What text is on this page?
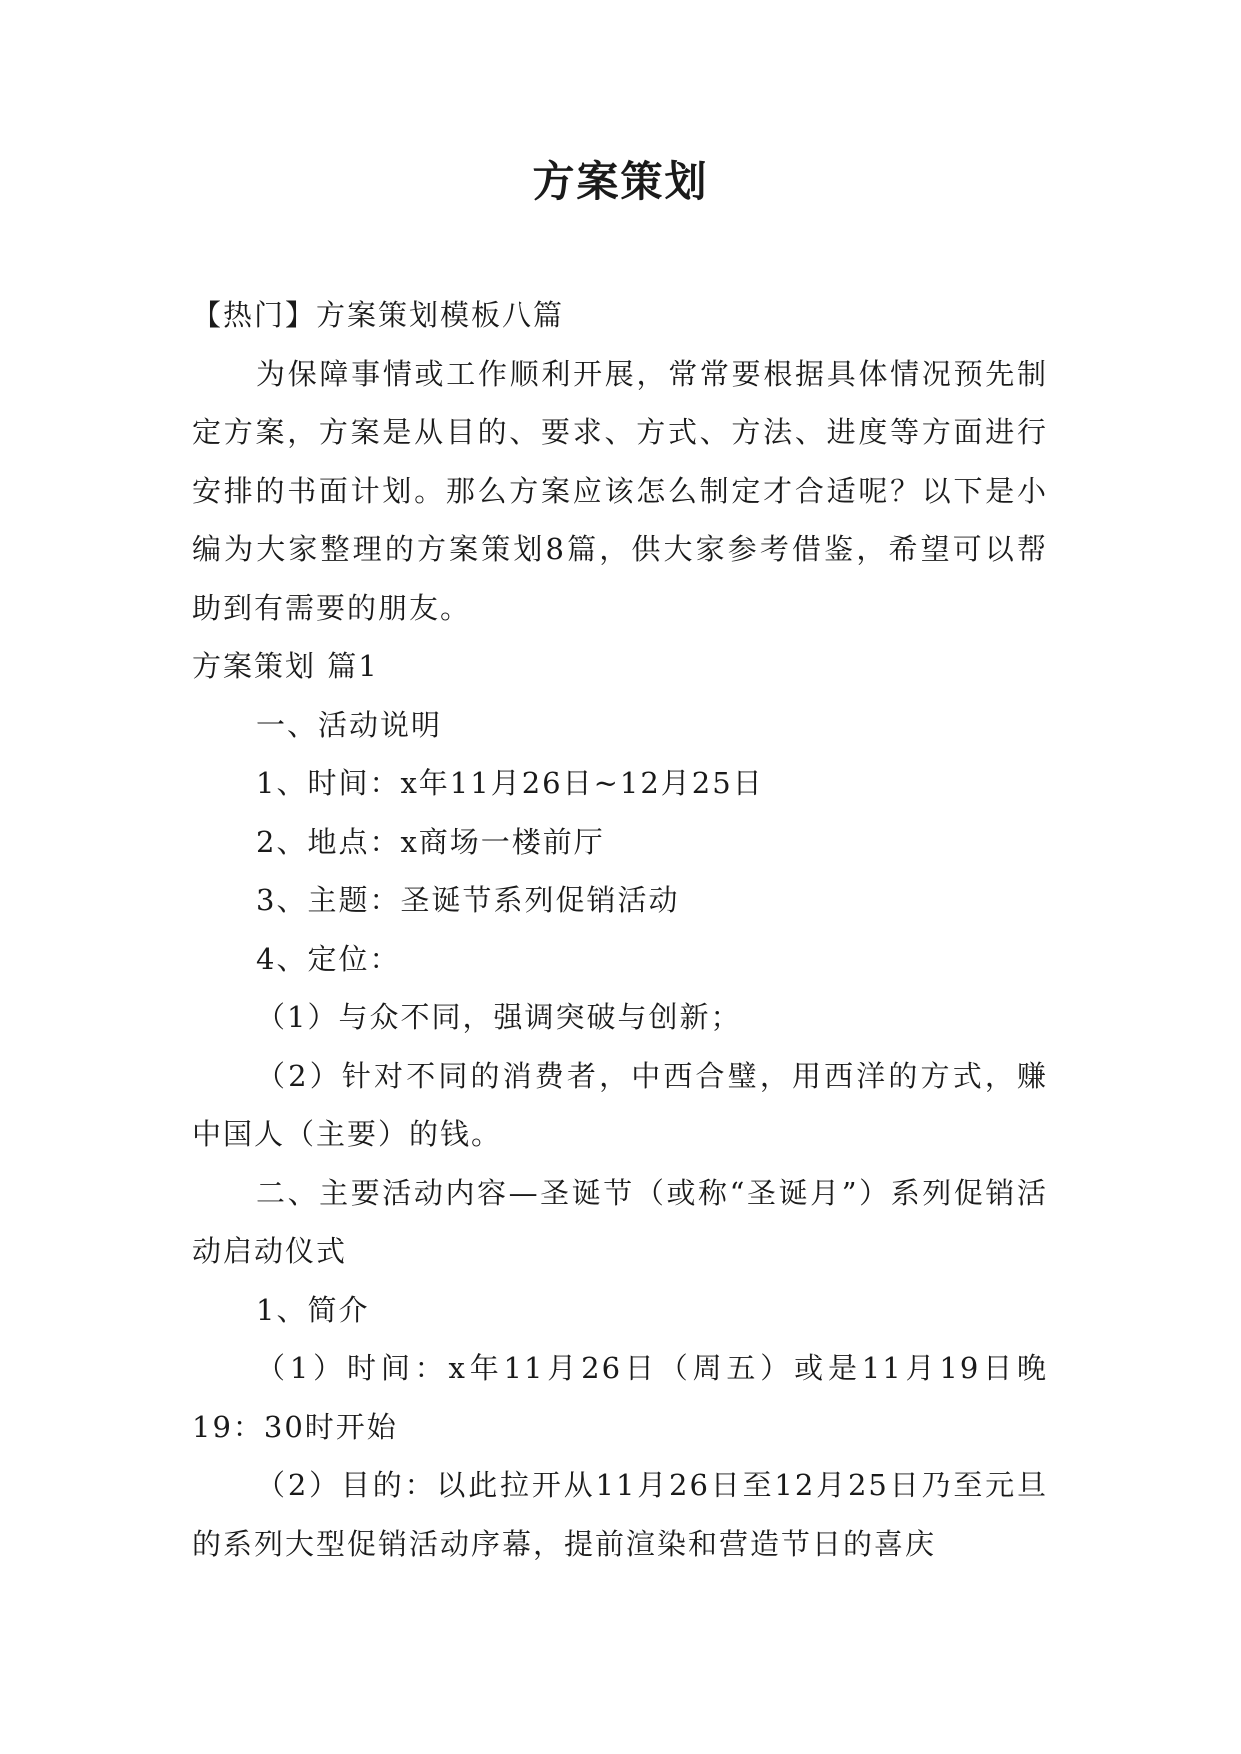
方案策划

【热门】方案策划模板八篇

为保障事情或工作顺利开展，常常要根据具体情况预先制定方案，方案是从目的、要求、方式、方法、进度等方面进行安排的书面计划。那么方案应该怎么制定才合适呢？以下是小编为大家整理的方案策划8篇，供大家参考借鉴，希望可以帮助到有需要的朋友。

方案策划 篇1

一、活动说明

1、时间：x年11月26日~12月25日

2、地点：x商场一楼前厅

3、主题：圣诞节系列促销活动

4、定位：

（1）与众不同，强调突破与创新；

（2）针对不同的消费者，中西合璧，用西洋的方式，赚中国人（主要）的钱。

二、主要活动内容—圣诞节（或称“圣诞月”）系列促销活动启动仪式

1、简介

（1）时间：x年11月26日（周五）或是11月19日晚19：30时开始

（2）目的：以此拉开从11月26日至12月25日乃至元旦的系列大型促销活动序幕，提前渲染和营造节日的喜庆
